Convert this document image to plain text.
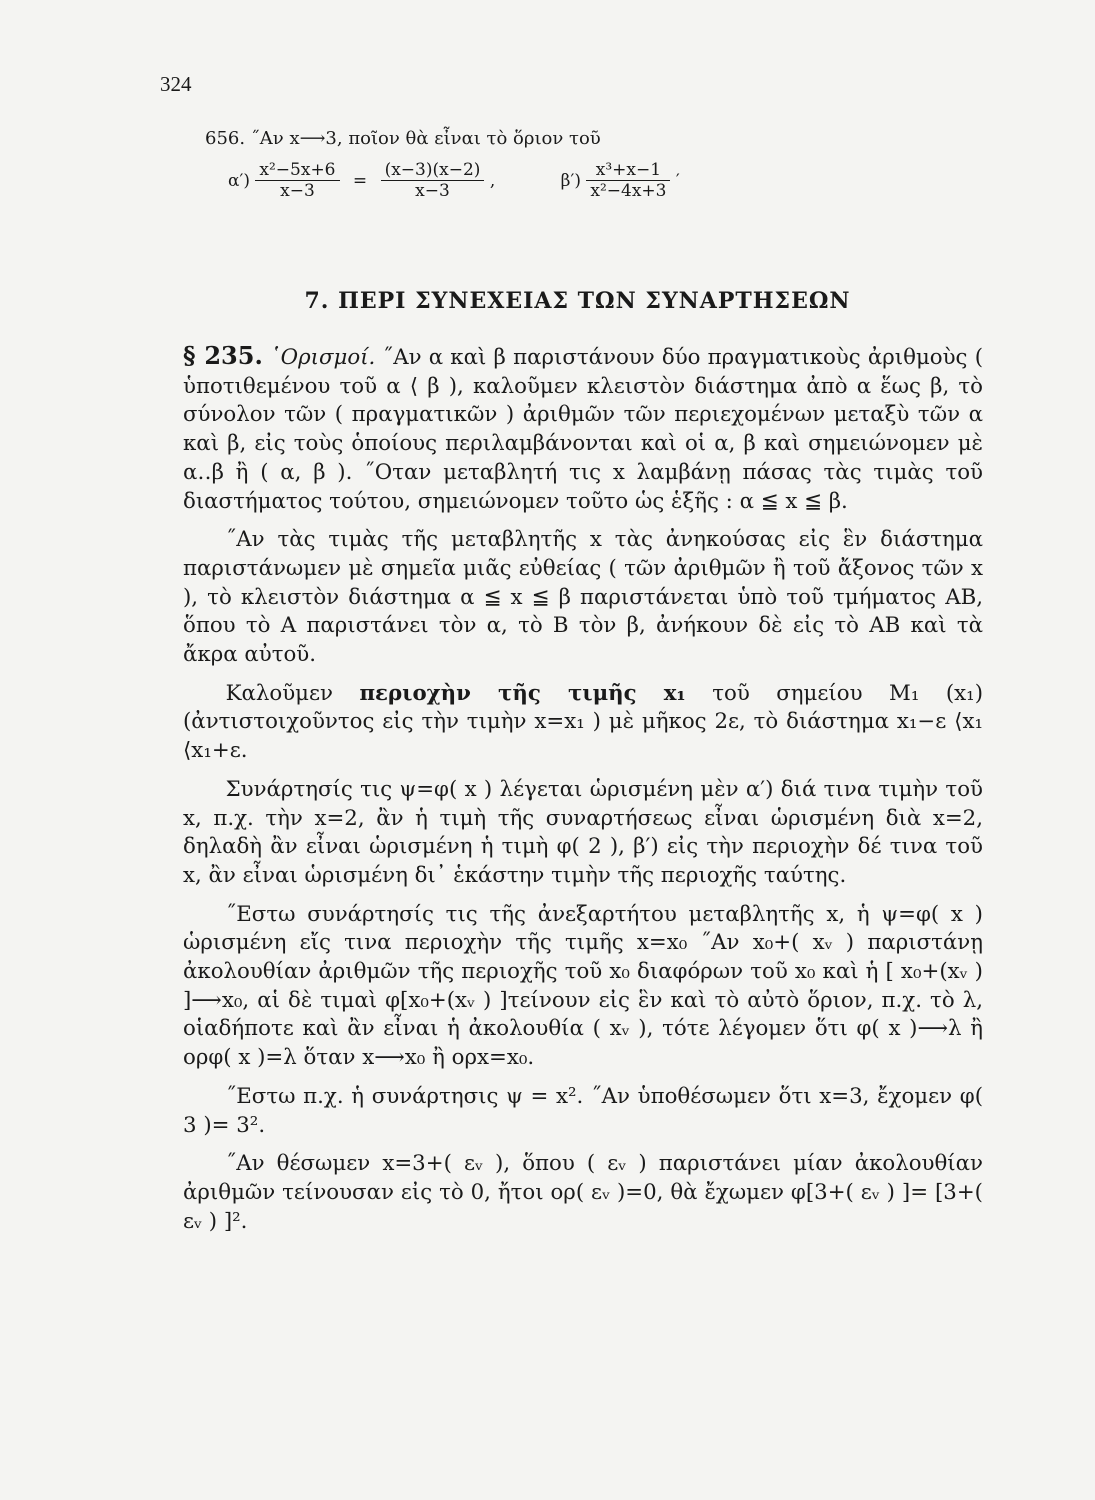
324
656. ˝Αν x⟶3, ποῖον θὰ εἶναι τὸ ὅριον τοῦ
$\alpha') \frac{\text{x²−5x+6}}{x-3} = \frac{(x-3)(x-2)}{x-3}$ ,	$\beta') \frac{\text{x³+x−1}}{\text{x²−4x+3}}$ ′
7. ΠΕΡΙ ΣΥΝΕΧΕΙΑΣ ΤΩΝ ΣΥΝΑΡΤΗΣΕΩΝ

§ 235. ῾Ορισμοί. ˝Αν α καὶ β παριστάνουν δύο πραγματικοὺς ἀριθμοὺς ( ὑποτιθεμένου τοῦ α ⟨ β ), καλοῦμεν κλειστὸν διάστημα ἀπὸ α ἕως β, τὸ σύνολον τῶν ( πραγματικῶν ) ἀριθμῶν τῶν περιεχομένων μεταξὺ τῶν α καὶ β, εἰς τοὺς ὁποίους περιλαμβάνονται καὶ οἱ α, β καὶ σημειώνομεν μὲ α‥β ἢ ( α, β ). ˝Οταν μεταβλητή τις x λαμβάνῃ πάσας τὰς τιμὰς τοῦ διαστήματος τούτου, σημειώνομεν τοῦτο ὡς ἑξῆς : α ≦ x ≦ β.

˝Αν τὰς τιμὰς τῆς μεταβλητῆς x τὰς ἀνηκούσας εἰς ἓν διάστημα παριστάνωμεν μὲ σημεῖα μιᾶς εὐθείας ( τῶν ἀριθμῶν ἢ τοῦ ἄξονος τῶν x ), τὸ κλειστὸν διάστημα α ≦ x ≦ β παριστάνεται ὑπὸ τοῦ τμήματος ΑΒ, ὅπου τὸ Α παριστάνει τὸν α, τὸ Β τὸν β, ἀνήκουν δὲ εἰς τὸ ΑΒ καὶ τὰ ἄκρα αὐτοῦ.

Καλοῦμεν περιοχὴν τῆς τιμῆς x₁ τοῦ σημείου M₁ (x₁) (ἀντιστοιχοῦντος εἰς τὴν τιμὴν x=x₁ ) μὲ μῆκος 2ε, τὸ διάστημα x₁−ε ⟨x₁ ⟨x₁+ε.

Συνάρτησίς τις ψ=φ( x ) λέγεται ὡρισμένη μὲν α′) διά τινα τιμὴν τοῦ x, π.χ. τὴν x=2, ἂν ἡ τιμὴ τῆς συναρτήσεως εἶναι ὡρισμένη διὰ x=2, δηλαδὴ ἂν εἶναι ὡρισμένη ἡ τιμὴ φ( 2 ), β′) εἰς τὴν περιοχὴν δέ τινα τοῦ x, ἂν εἶναι ὡρισμένη δι᾽ ἑκάστην τιμὴν τῆς περιοχῆς ταύτης.

˝Εστω συνάρτησίς τις τῆς ἀνεξαρτήτου μεταβλητῆς x, ἡ ψ=φ( x ) ὡρισμένη εἴς τινα περιοχὴν τῆς τιμῆς x=x₀ ˝Αν x₀+( xᵥ ) παριστάνῃ ἀκολουθίαν ἀριθμῶν τῆς περιοχῆς τοῦ x₀ διαφόρων τοῦ x₀ καὶ ἡ [ x₀+(xᵥ ) ]⟶x₀, αἱ δὲ τιμαὶ φ[x₀+(xᵥ ) ]τείνουν εἰς ἓν καὶ τὸ αὐτὸ ὅριον, π.χ. τὸ λ, οἱαδήποτε καὶ ἂν εἶναι ἡ ἀκολουθία ( xᵥ ), τότε λέγομεν ὅτι φ( x )⟶λ ἢ ορφ( x )=λ ὅταν x⟶x₀ ἢ ορx=x₀.

˝Εστω π.χ. ἡ συνάρτησις ψ = x². ˝Αν ὑποθέσωμεν ὅτι x=3, ἔχομεν φ( 3 )= 3².

˝Αν θέσωμεν x=3+( εᵥ ), ὅπου ( εᵥ ) παριστάνει μίαν ἀκολουθίαν ἀριθμῶν τείνουσαν εἰς τὸ 0, ἤτοι ορ( εᵥ )=0, θὰ ἔχωμεν φ[3+( εᵥ ) ]= [3+( εᵥ ) ]².
